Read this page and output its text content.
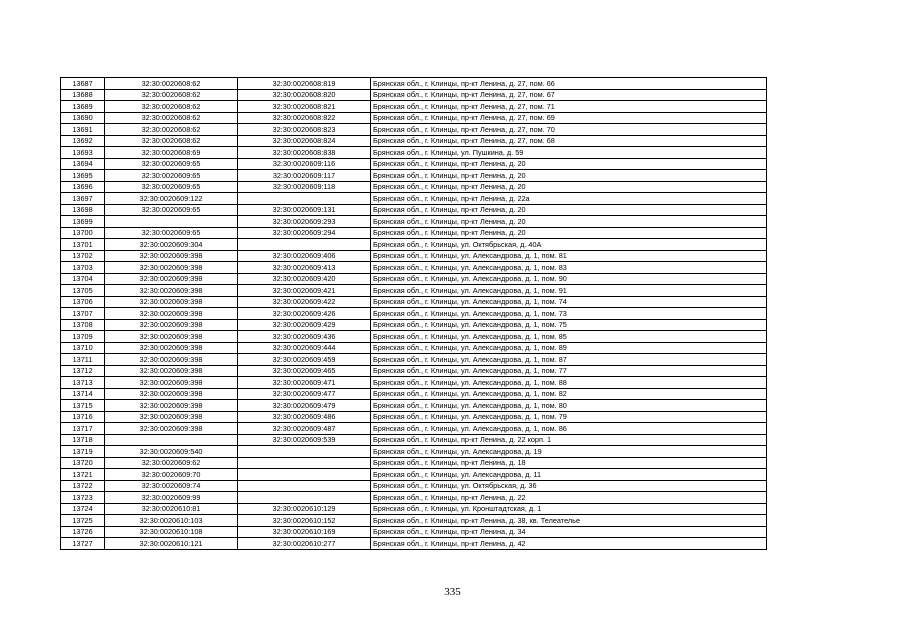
13687	32:30:0020608:62	32:30:0020608:819	Брянская обл., г. Клинцы, пр-кт Ленина, д. 27, пом. 66
13688	32:30:0020608:62	32:30:0020608:820	Брянская обл., г. Клинцы, пр-кт Ленина, д. 27, пом. 67
13689	32:30:0020608:62	32:30:0020608:821	Брянская обл., г. Клинцы, пр-кт Ленина, д. 27, пом. 71
13690	32:30:0020608:62	32:30:0020608:822	Брянская обл., г. Клинцы, пр-кт Ленина, д. 27, пом. 69
13691	32:30:0020608:62	32:30:0020608:823	Брянская обл., г. Клинцы, пр-кт Ленина, д. 27, пом. 70
13692	32:30:0020608:62	32:30:0020608:824	Брянская обл., г. Клинцы, пр-кт Ленина, д. 27, пом. 68
13693	32:30:0020608:69	32:30:0020608:838	Брянская обл., г. Клинцы, ул. Пушкина, д. 59
13694	32:30:0020609:65	32:30:0020609:116	Брянская обл., г. Клинцы, пр-кт Ленина, д. 20
13695	32:30:0020609:65	32:30:0020609:117	Брянская обл., г. Клинцы, пр-кт Ленина, д. 20
13696	32:30:0020609:65	32:30:0020609:118	Брянская обл., г. Клинцы, пр-кт Ленина, д. 20
13697	32:30:0020609:122		Брянская обл., г. Клинцы, пр-кт Ленина, д. 22а
13698	32:30:0020609:65	32:30:0020609:131	Брянская обл., г. Клинцы, пр-кт Ленина, д. 20
13699		32:30:0020609:293	Брянская обл., г. Клинцы, пр-кт Ленина, д. 20
13700	32:30:0020609:65	32:30:0020609:294	Брянская обл., г. Клинцы, пр-кт Ленина, д. 20
13701	32:30:0020609:304		Брянская обл., г. Клинцы, ул. Октябрьская, д. 40А
13702	32:30:0020609:398	32:30:0020609:406	Брянская обл., г. Клинцы, ул. Александрова, д. 1, пом. 81
13703	32:30:0020609:398	32:30:0020609:413	Брянская обл., г. Клинцы, ул. Александрова, д. 1, пом. 83
13704	32:30:0020609:398	32:30:0020609:420	Брянская обл., г. Клинцы, ул. Александрова, д. 1, пом. 90
13705	32:30:0020609:398	32:30:0020609:421	Брянская обл., г. Клинцы, ул. Александрова, д. 1, пом. 91
13706	32:30:0020609:398	32:30:0020609:422	Брянская обл., г. Клинцы, ул. Александрова, д. 1, пом. 74
13707	32:30:0020609:398	32:30:0020609:426	Брянская обл., г. Клинцы, ул. Александрова, д. 1, пом. 73
13708	32:30:0020609:398	32:30:0020609:429	Брянская обл., г. Клинцы, ул. Александрова, д. 1, пом. 75
13709	32:30:0020609:398	32:30:0020609:436	Брянская обл., г. Клинцы, ул. Александрова, д. 1, пом. 85
13710	32:30:0020609:398	32:30:0020609:444	Брянская обл., г. Клинцы, ул. Александрова, д. 1, пом. 89
13711	32:30:0020609:398	32:30:0020609:459	Брянская обл., г. Клинцы, ул. Александрова, д. 1, пом. 87
13712	32:30:0020609:398	32:30:0020609:465	Брянская обл., г. Клинцы, ул. Александрова, д. 1, пом. 77
13713	32:30:0020609:398	32:30:0020609:471	Брянская обл., г. Клинцы, ул. Александрова, д. 1, пом. 88
13714	32:30:0020609:398	32:30:0020609:477	Брянская обл., г. Клинцы, ул. Александрова, д. 1, пом. 82
13715	32:30:0020609:398	32:30:0020609:479	Брянская обл., г. Клинцы, ул. Александрова, д. 1, пом. 80
13716	32:30:0020609:398	32:30:0020609:486	Брянская обл., г. Клинцы, ул. Александрова, д. 1, пом. 79
13717	32:30:0020609:398	32:30:0020609:487	Брянская обл., г. Клинцы, ул. Александрова, д. 1, пом. 86
13718		32:30:0020609:539	Брянская обл., г. Клинцы, пр-кт Ленина, д. 22 корп. 1
13719	32:30:0020609:540		Брянская обл., г. Клинцы, ул. Александрова, д. 19
13720	32:30:0020609:62		Брянская обл., г. Клинцы, пр-кт Ленина, д. 18
13721	32:30:0020609:70		Брянская обл., г. Клинцы, ул. Александрова, д. 11
13722	32:30:0020609:74		Брянская обл., г. Клинцы, ул. Октябрьская, д. 36
13723	32:30:0020609:99		Брянская обл., г. Клинцы, пр-кт Ленина, д. 22
13724	32:30:0020610:81	32:30:0020610:129	Брянская обл., г. Клинцы, ул. Кронштадтская, д. 1
13725	32:30:0020610:103	32:30:0020610:152	Брянская обл., г. Клинцы, пр-кт Ленина, д. 38, кв. Телеателье
13726	32:30:0020610:108	32:30:0020610:169	Брянская обл., г. Клинцы, пр-кт Ленина, д. 34
13727	32:30:0020610:121	32:30:0020610:277	Брянская обл., г. Клинцы, пр-кт Ленина, д. 42
335
